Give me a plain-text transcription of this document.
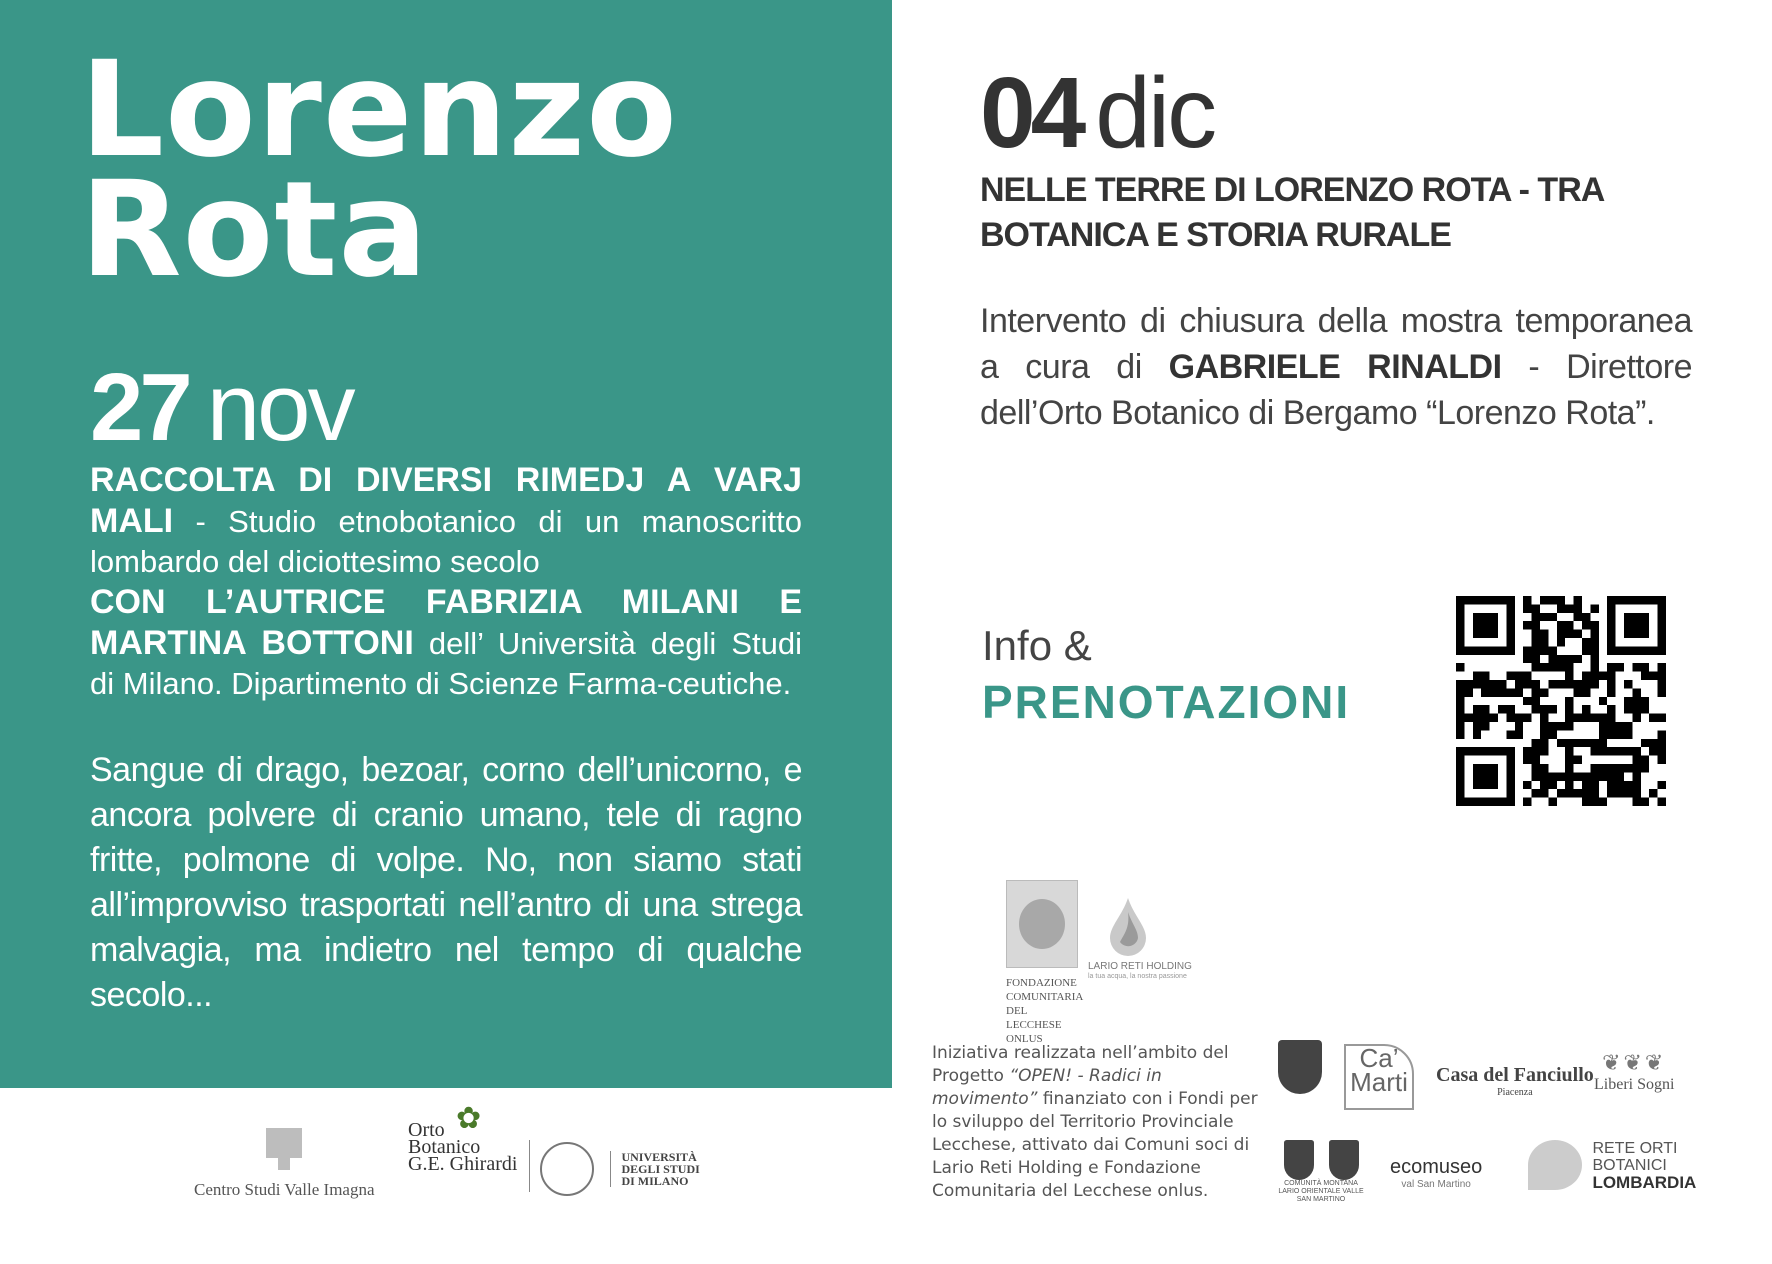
Lorenzo
Rota
27 nov

RACCOLTA DI DIVERSI RIMEDJ A VARJ MALI - Studio etnobotanico di un manoscritto lombardo del diciottesimo secolo

CON L’AUTRICE FABRIZIA MILANI E MARTINA BOTTONI dell’ Università degli Studi di Milano. Dipartimento di Scienze Farma-ceutiche.

Sangue di drago, bezoar, corno dell’unicorno, e ancora polvere di cranio umano, tele di ragno fritte, polmone di volpe. No, non siamo stati all’improvviso trasportati nell’antro di una strega malvagia, ma indietro nel tempo di qualche secolo...

04 dic
NELLE TERRE DI LORENZO ROTA - TRA BOTANICA E STORIA RURALE
Intervento di chiusura della mostra temporanea a cura di GABRIELE RINALDI - Direttore dell’Orto Botanico di Bergamo “Lorenzo Rota”.
Info &
PRENOTAZIONI
FONDAZIONE COMUNITARIA DEL LECCHESE ONLUS
LARIO RETI HOLDING
la tua acqua, la nostra passione
Iniziativa realizzata nell’ambito del Progetto “OPEN! - Radici in movimento” finanziato con i Fondi per lo sviluppo del Territorio Provinciale Lecchese, attivato dai Comuni soci di Lario Reti Holding e Fondazione Comunitaria del Lecchese onlus.
Ca’ Marti	Casa del Fanciullo
Piacenza
❦❦❦
Liberi Sogni
COMUNITÀ MONTANA LARIO ORIENTALE VALLE SAN MARTINO
ecomuseo
val San Martino
RETE ORTI
BOTANICI
LOMBARDIA
Centro Studi Valle Imagna
✿
Orto
Botanico
G.E. Ghirardi	UNIVERSITÀ
DEGLI STUDI
DI MILANO
